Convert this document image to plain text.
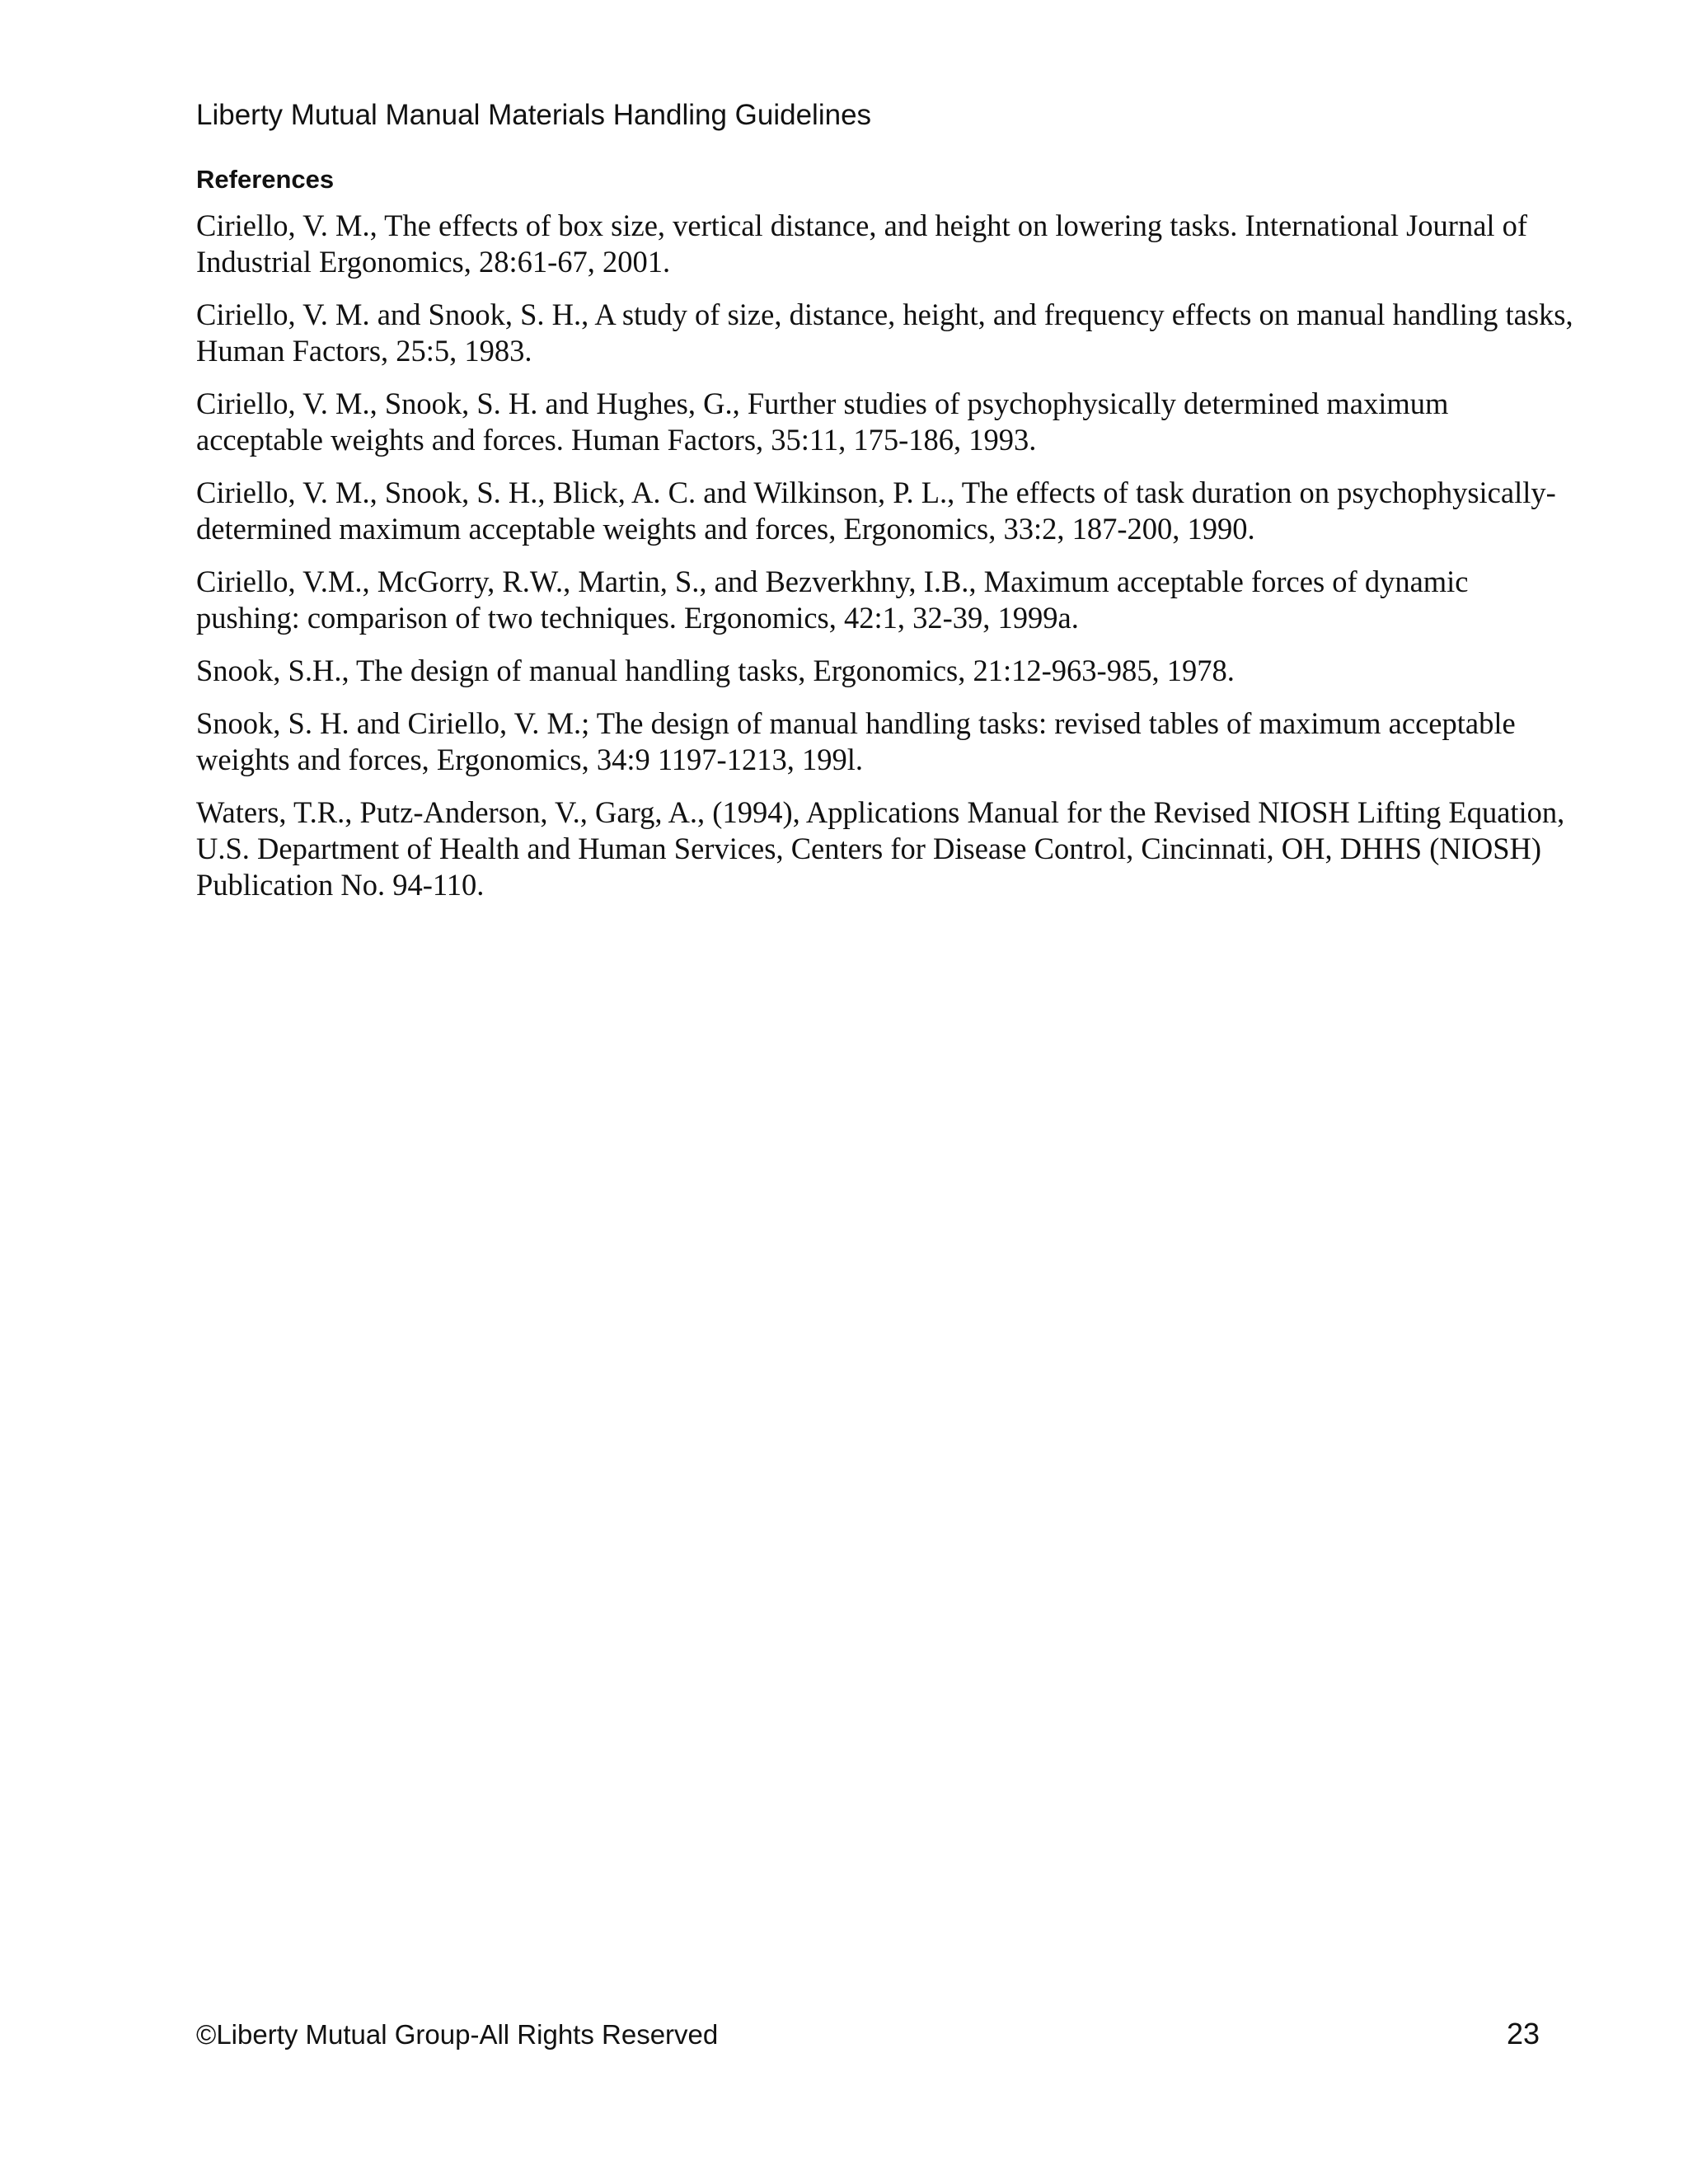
Liberty Mutual Manual Materials Handling Guidelines
References
Ciriello, V. M., The effects of box size, vertical distance, and height on lowering tasks. International Journal of Industrial Ergonomics, 28:61-67, 2001.
Ciriello, V. M. and Snook, S. H., A study of size, distance, height, and frequency effects on manual handling tasks, Human Factors, 25:5, 1983.
Ciriello, V. M., Snook, S. H. and Hughes, G., Further studies of psychophysically determined maximum acceptable weights and forces. Human Factors, 35:11, 175-186, 1993.
Ciriello, V. M., Snook, S. H., Blick, A. C. and Wilkinson, P. L., The effects of task duration on psychophysically-determined maximum acceptable weights and forces, Ergonomics, 33:2, 187-200, 1990.
Ciriello, V.M., McGorry, R.W., Martin, S., and Bezverkhny, I.B., Maximum acceptable forces of dynamic pushing: comparison of two techniques. Ergonomics, 42:1, 32-39, 1999a.
Snook, S.H., The design of manual handling tasks, Ergonomics, 21:12-963-985, 1978.
Snook, S. H. and Ciriello, V. M.; The design of manual handling tasks: revised tables of maximum acceptable weights and forces, Ergonomics, 34:9 1197-1213, 199l.
Waters, T.R., Putz-Anderson, V., Garg, A., (1994), Applications Manual for the Revised NIOSH Lifting Equation, U.S. Department of Health and Human Services, Centers for Disease Control, Cincinnati, OH, DHHS (NIOSH) Publication No. 94-110.
©Liberty Mutual Group-All Rights Reserved	23
